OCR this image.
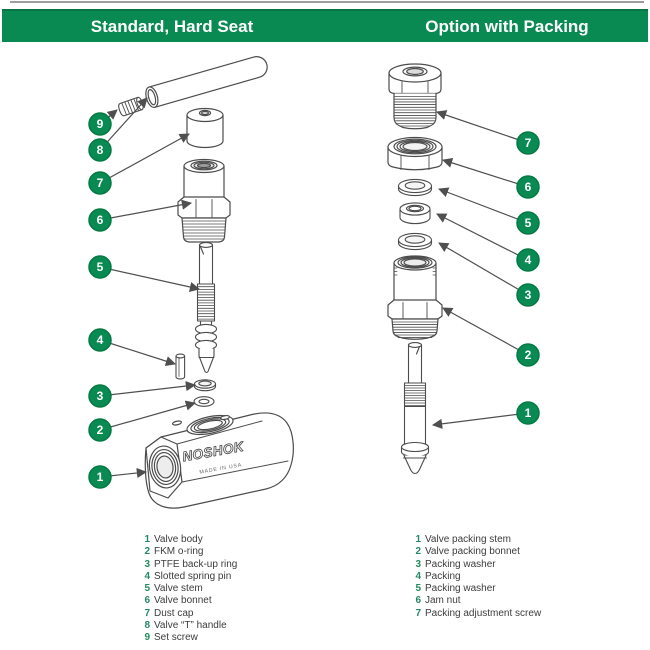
Standard, Hard Seat	Option with Packing
NOSHOK
MADE IN USA
9
8
7
6
5
4
3
2
1
7
6
5
4
3
2
1
1 Valve body
2 FKM o-ring
3 PTFE back-up ring
4 Slotted spring pin
5 Valve stem
6 Valve bonnet
7 Dust cap
8 Valve “T” handle
9 Set screw
1 Valve packing stem
2 Valve packing bonnet
3 Packing washer
4 Packing
5 Packing washer
6 Jam nut
7 Packing adjustment screw
